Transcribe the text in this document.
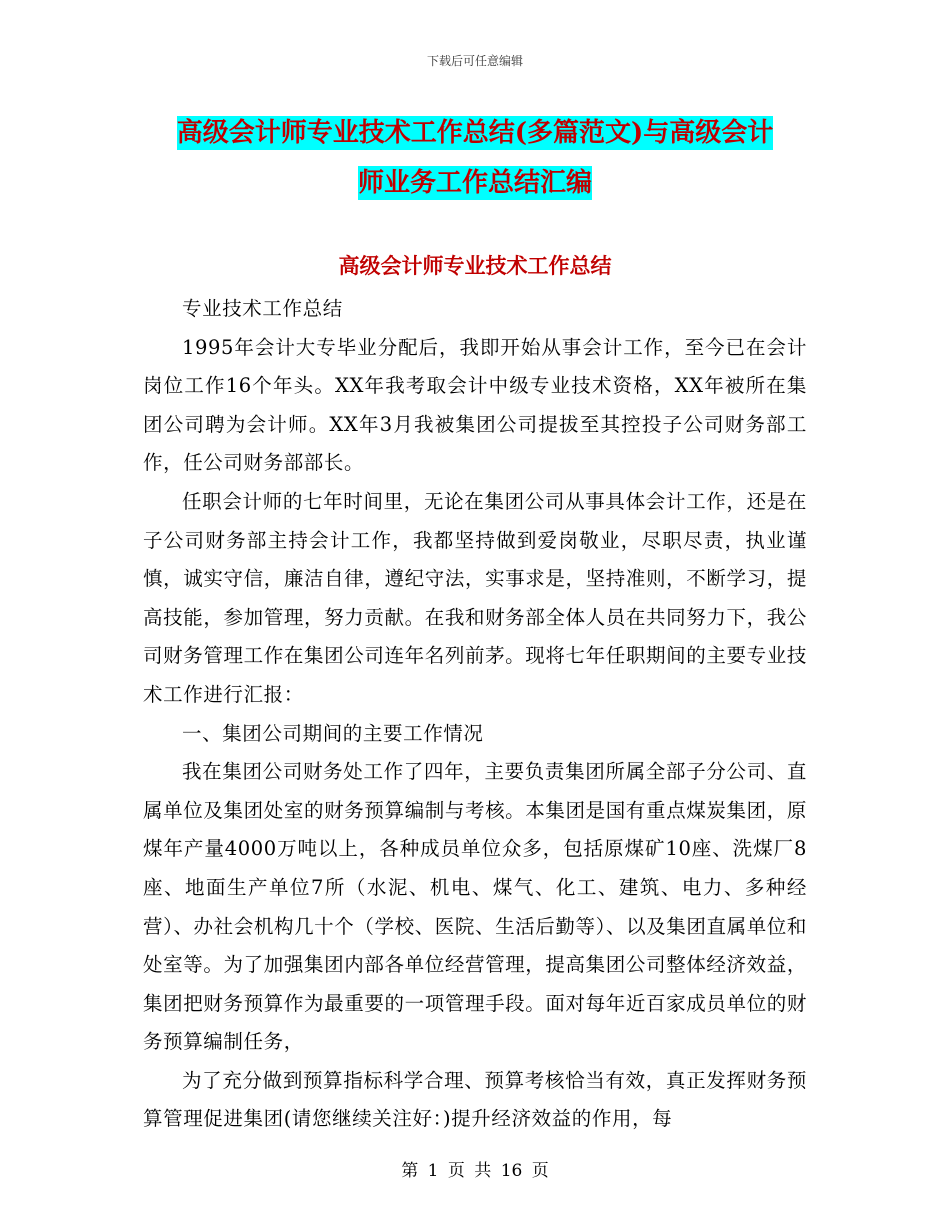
下载后可任意编辑
高级会计师专业技术工作总结(多篇范文)与高级会计
师业务工作总结汇编
高级会计师专业技术工作总结

专业技术工作总结

1995年会计大专毕业分配后，我即开始从事会计工作，至今已在会计岗位工作16个年头。XX年我考取会计中级专业技术资格，XX年被所在集团公司聘为会计师。XX年3月我被集团公司提拔至其控投子公司财务部工作，任公司财务部部长。

任职会计师的七年时间里，无论在集团公司从事具体会计工作，还是在子公司财务部主持会计工作，我都坚持做到爱岗敬业，尽职尽责，执业谨慎，诚实守信，廉洁自律，遵纪守法，实事求是，坚持准则，不断学习，提高技能，参加管理，努力贡献。在我和财务部全体人员在共同努力下，我公司财务管理工作在集团公司连年名列前茅。现将七年任职期间的主要专业技术工作进行汇报：

一、集团公司期间的主要工作情况

我在集团公司财务处工作了四年，主要负责集团所属全部子分公司、直属单位及集团处室的财务预算编制与考核。本集团是国有重点煤炭集团，原煤年产量4000万吨以上，各种成员单位众多，包括原煤矿10座、洗煤厂8座、地面生产单位7所（水泥、机电、煤气、化工、建筑、电力、多种经营）、办社会机构几十个（学校、医院、生活后勤等）、以及集团直属单位和处室等。为了加强集团内部各单位经营管理，提高集团公司整体经济效益，集团把财务预算作为最重要的一项管理手段。面对每年近百家成员单位的财务预算编制任务，

为了充分做到预算指标科学合理、预算考核恰当有效，真正发挥财务预算管理促进集团(请您继续关注好：)提升经济效益的作用，每

第 1 页 共 16 页
